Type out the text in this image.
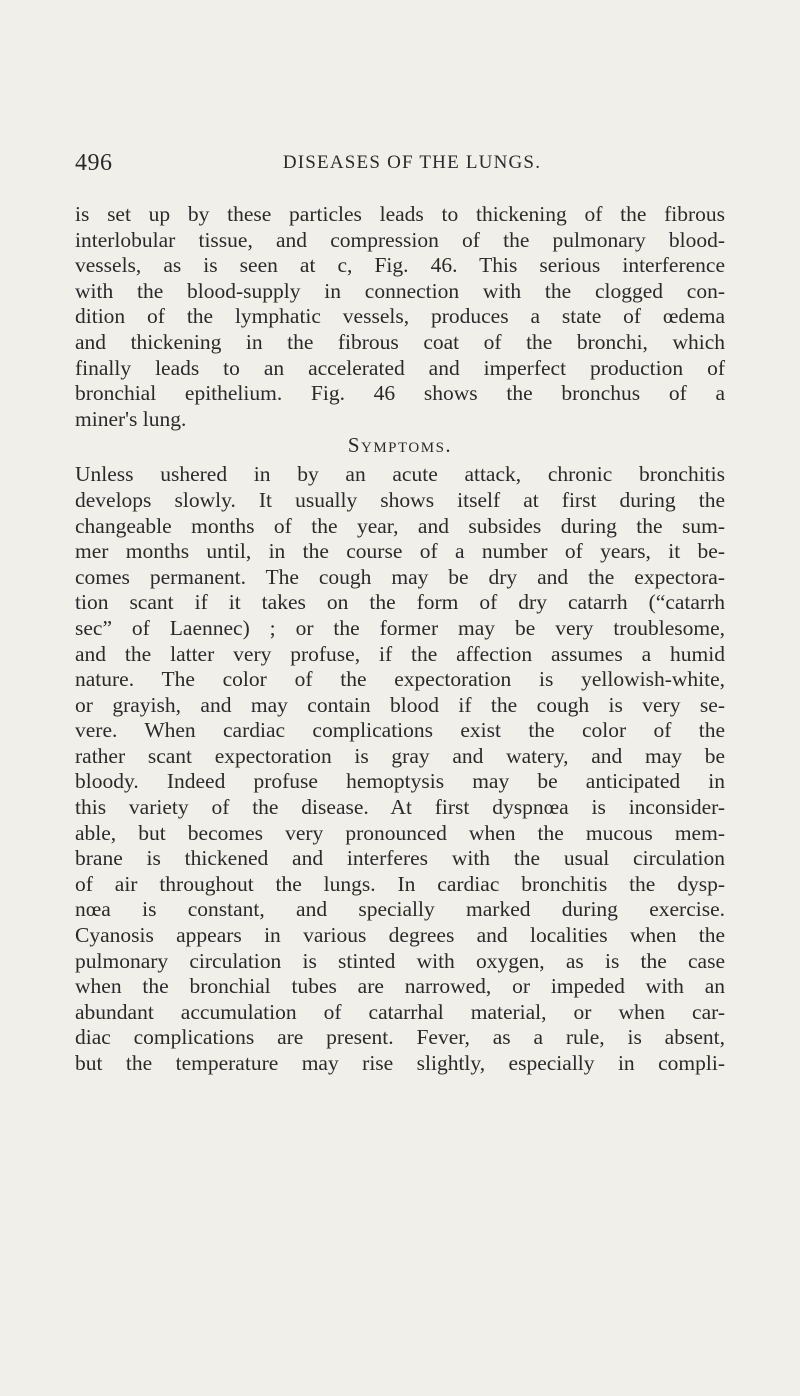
496	DISEASES OF THE LUNGS.
is set up by these particles leads to thickening of the fibrous
interlobular tissue, and compression of the pulmonary blood-
vessels, as is seen at c, Fig. 46. This serious interference
with the blood-supply in connection with the clogged con-
dition of the lymphatic vessels, produces a state of œdema
and thickening in the fibrous coat of the bronchi, which
finally leads to an accelerated and imperfect production of
bronchial epithelium. Fig. 46 shows the bronchus of a
miner's lung.
Symptoms.
Unless ushered in by an acute attack, chronic bronchitis
develops slowly. It usually shows itself at first during the
changeable months of the year, and subsides during the sum-
mer months until, in the course of a number of years, it be-
comes permanent. The cough may be dry and the expectora-
tion scant if it takes on the form of dry catarrh (“catarrh
sec” of Laennec) ; or the former may be very troublesome,
and the latter very profuse, if the affection assumes a humid
nature. The color of the expectoration is yellowish-white,
or grayish, and may contain blood if the cough is very se-
vere. When cardiac complications exist the color of the
rather scant expectoration is gray and watery, and may be
bloody. Indeed profuse hemoptysis may be anticipated in
this variety of the disease. At first dyspnœa is inconsider-
able, but becomes very pronounced when the mucous mem-
brane is thickened and interferes with the usual circulation
of air throughout the lungs. In cardiac bronchitis the dysp-
nœa is constant, and specially marked during exercise.
Cyanosis appears in various degrees and localities when the
pulmonary circulation is stinted with oxygen, as is the case
when the bronchial tubes are narrowed, or impeded with an
abundant accumulation of catarrhal material, or when car-
diac complications are present. Fever, as a rule, is absent,
but the temperature may rise slightly, especially in compli-
